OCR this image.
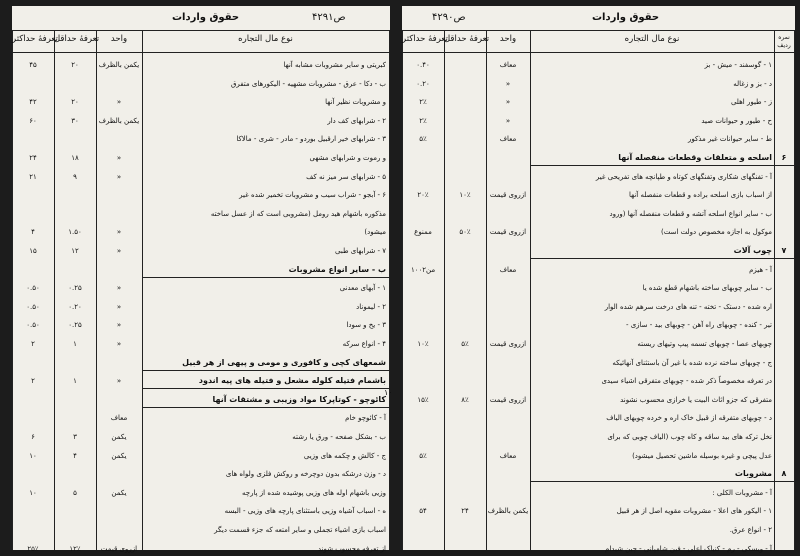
حقوق واردات	ص۴۲۹۱
تعرفهٔ حداکثر
تعرفهٔ حداقل	واحد	نوع مال التجاره
۴۵	۲۰	یکمن بالظرف	کبریتی و سایر مشروبات مشابه آنها
ب - دکا - عرق - مشروبات مشهیه - الیکورهای متفرق
۴۲	۲۰	»	و مشروبات نظیر آنها
۶۰	۳۰	یکمن بالظرف	۲ - شرابهای کف دار
۳ - شرابهای خیر ارقبیل بوردو - مادر - شری - مالاکا
۲۴	۱۸	»	و رموت و شرابهای مشهی
۲۱	۹	»	۵ - شرابهای سر میز نه کف
۶ - آبجو - شراب سیب و مشروبات تخمیر شده غیر
مذکوره باشهام هید رومل (مشروبی است که از عسل ساخته
۴	۱.۵۰	»	میشود)
۱۵	۱۲	»	۷ - شرابهای طبی
ب - سایر انواع مشروبات
۰.۵۰	۰.۲۵	»	۱ - آبهای معدنی
۰.۵۰	۰.۲۰	»	۲ - لیموناد
۰.۵۰	۰.۲۵	»	۳ - یخ و سودا
۲	۱	»	۴ - انواع سرکه
شمعهای کچی و کافوری و مومی و پیهی از هر قبیل
۲	۱	»	باشمام فتیله کلوله مشعل و فتیله های پیه اندود
کائوچو - کوتاپرکا مواد وزیبی و مشتقات آنها
معاف	آ - کائوچو خام
۶	۳	یکمن	ب - بشکل صفحه - ورق یا رشته
۱۰	۴	یکمن	ج - کالش و چکمه های وزیی
د - وزن درشکه بدون دوچرخه و روکش فلزی ولواه های
۱۰	۵	یکمن	وزیی باشهام اوله های وزیی پوشیده شده از پارچه
ه - اسباب آشیاه وزیی باستثنای پارچه های وزیی - البسه
اسباب بازی اشیاء تجملی و سایر امتعه که جزء قسمت دیگر
۲۵٪	۱۲٪	ازروی قیمت	از تعرفه محسوب شوند
۱۰
ص۴۲۹۰	حقوق واردات
تعرفهٔ حداکثر
تعرفهٔ حداقل	واحد	نوع مال التجاره	نمره ردیف
۰.۴۰	معاف	۱ - گوسفند - میش - بز
۰.۲۰	»	د - بز و زغاله
۲٪	»	ز - طیور اهلی
۲٪	»	ح - طیور و حیوانات صید
۵٪	معاف	ط - سایر حیوانات غیر مذکور
اسلحه و متعلقات وقطعات منفصله آنها	۶
آ - تفنگهای شکاری وتفنگهای کوتاه و طپانچه های تفریحی غیر
۲۰٪	۱۰٪	ازروی قیمت	از اسباب بازی اسلحه براده و قطعات منفصله آنها
ب - سایر انواع اسلحه آتشه و قطعات منفصله آنها (ورود
ممنوع	۵۰٪	ازروی قیمت	موکول به اجازه مخصوص دولت است)
چوب آلات	۷
۱۰۰من۲	معاف	آ - هیزم
ب - سایر چوبهای ساخته باشهام قطع شده یا
اره شده - دستک - تخته - تنه های درخت سرهم شده الوار
تیر - کنده - چوبهای راه آهن - چوبهای بید - سازی -
۱۰٪	۵٪	ازروی قیمت	چوبهای عصا - چوبهای تسمه پیپ وتیهای ریسته
ج - چوبهای ساخته نرده شده با غیر آن باستثنای آنهائیکه
در تعرفه مخصوصاً ذکر شده - چوبهای متفرقی اشیاء سیدی
۱۵٪	۸٪	ازروی قیمت	متفرقی که جزو اثاث البیت یا خرازی محسوب نشوند
د - چوبهای متفرقه از قبیل خاک اره و خرده چوبهای الیاف
نخل ترکه های بید ساقه و کاه چوب (الیاف چوبی که برای
۵٪	معاف	عدل پیچی و غیره بوسیله ماشین تحصیل میشود)
مشروبات	۸
آ - مشروبات الکلی :
۵۴	۲۴	یکمن بالظرف	۱ - الیکور های اعلا - مشروبات مقویه اصل از هر قبیل
۲ - انواع عرق.
آ - ویسکی - رم - کنیاک اعلی - فین شامپانی - چین شیدام
